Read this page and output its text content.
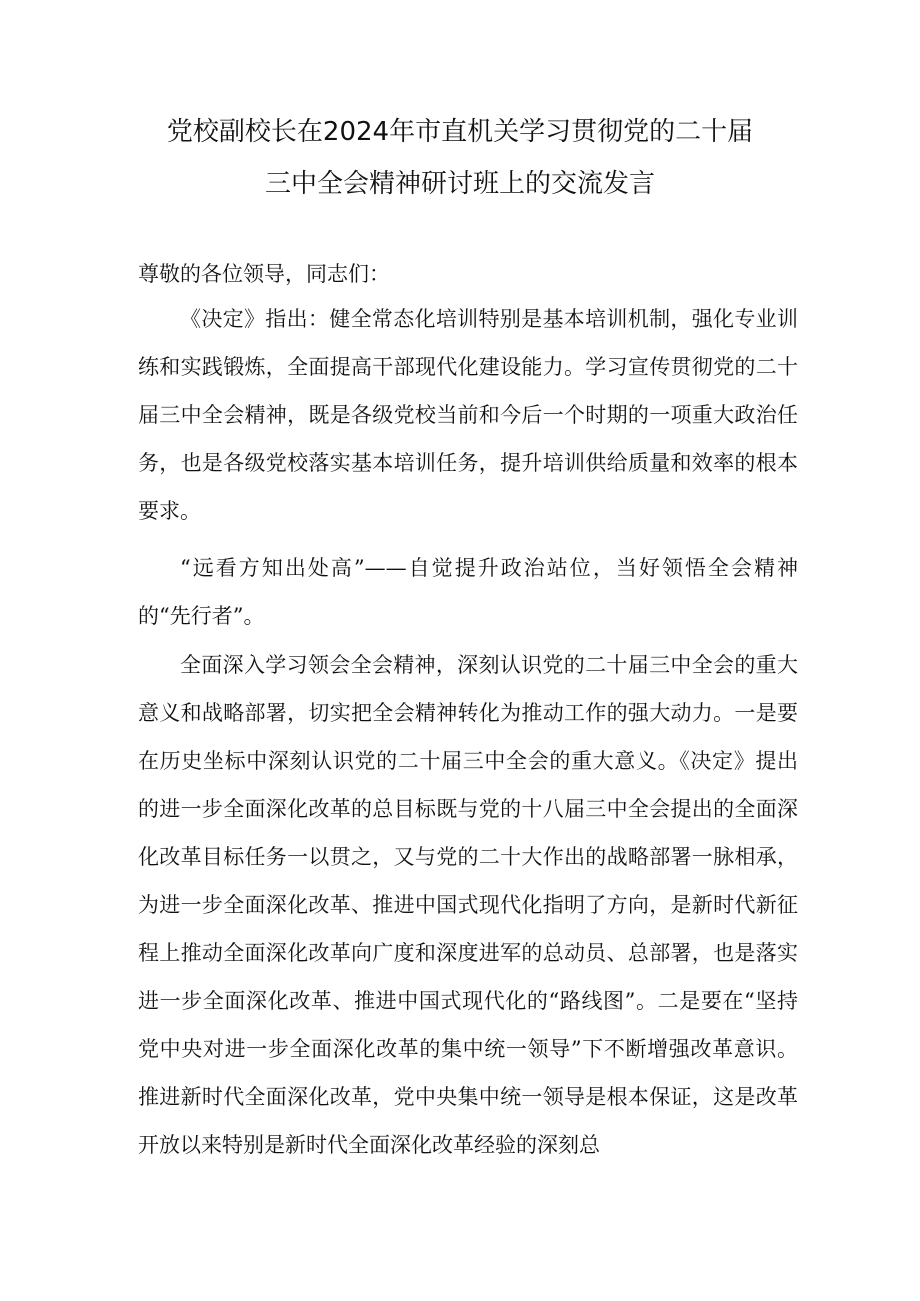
党校副校长在2024年市直机关学习贯彻党的二十届
三中全会精神研讨班上的交流发言
尊敬的各位领导，同志们：

《决定》指出：健全常态化培训特别是基本培训机制，强化专业训练和实践锻炼，全面提高干部现代化建设能力。学习宣传贯彻党的二十届三中全会精神，既是各级党校当前和今后一个时期的一项重大政治任务，也是各级党校落实基本培训任务，提升培训供给质量和效率的根本要求。

“远看方知出处高”——自觉提升政治站位，当好领悟全会精神的“先行者”。

全面深入学习领会全会精神，深刻认识党的二十届三中全会的重大意义和战略部署，切实把全会精神转化为推动工作的强大动力。一是要在历史坐标中深刻认识党的二十届三中全会的重大意义。《决定》提出的进一步全面深化改革的总目标既与党的十八届三中全会提出的全面深化改革目标任务一以贯之，又与党的二十大作出的战略部署一脉相承，为进一步全面深化改革、推进中国式现代化指明了方向，是新时代新征程上推动全面深化改革向广度和深度进军的总动员、总部署，也是落实进一步全面深化改革、推进中国式现代化的“路线图”。二是要在“坚持党中央对进一步全面深化改革的集中统一领导”下不断增强改革意识。推进新时代全面深化改革，党中央集中统一领导是根本保证，这是改革开放以来特别是新时代全面深化改革经验的深刻总
